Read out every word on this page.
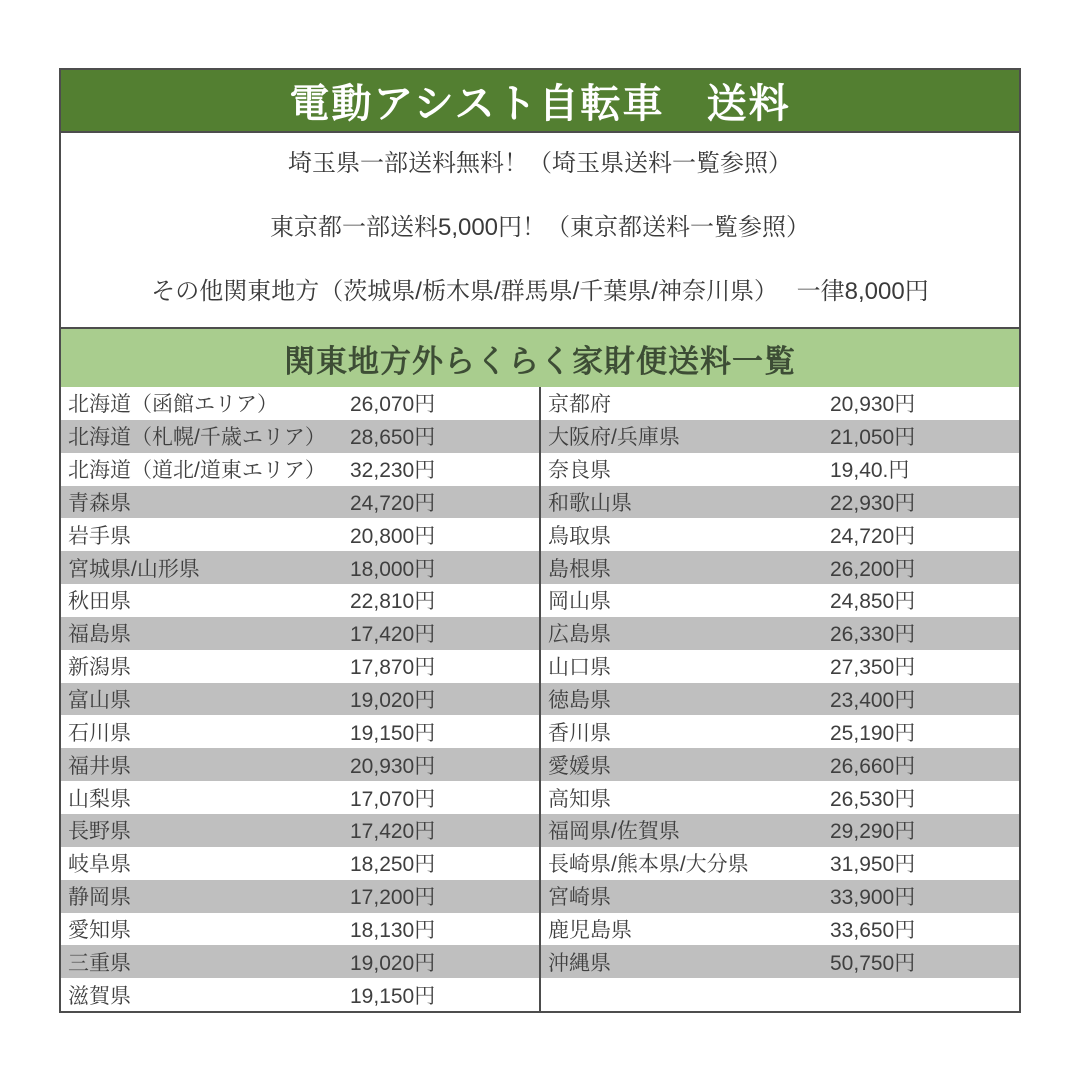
電動アシスト自転車　送料
埼玉県一部送料無料！（埼玉県送料一覧参照）
東京都一部送料5,000円！（東京都送料一覧参照）
その他関東地方（茨城県/栃木県/群馬県/千葉県/神奈川県）　 一律8,000円
関東地方外らくらく家財便送料一覧
北海道（函館エリア）	26,070円
北海道（札幌/千歳エリア） 28,650円
北海道（道北/道東エリア） 32,230円
青森県	24,720円
岩手県	20,800円
宮城県/山形県	18,000円
秋田県	22,810円
福島県	17,420円
新潟県	17,870円
富山県	19,020円
石川県	19,150円
福井県	20,930円
山梨県	17,070円
長野県	17,420円
岐阜県	18,250円
静岡県	17,200円
愛知県	18,130円
三重県	19,020円
滋賀県	19,150円
京都府	20,930円
大阪府/兵庫県	21,050円
奈良県	19,40.円
和歌山県	22,930円
鳥取県	24,720円
島根県	26,200円
岡山県	24,850円
広島県	26,330円
山口県	27,350円
徳島県	23,400円
香川県	25,190円
愛媛県	26,660円
高知県	26,530円
福岡県/佐賀県	29,290円
長崎県/熊本県/大分県	31,950円
宮崎県	33,900円
鹿児島県	33,650円
沖縄県	50,750円
